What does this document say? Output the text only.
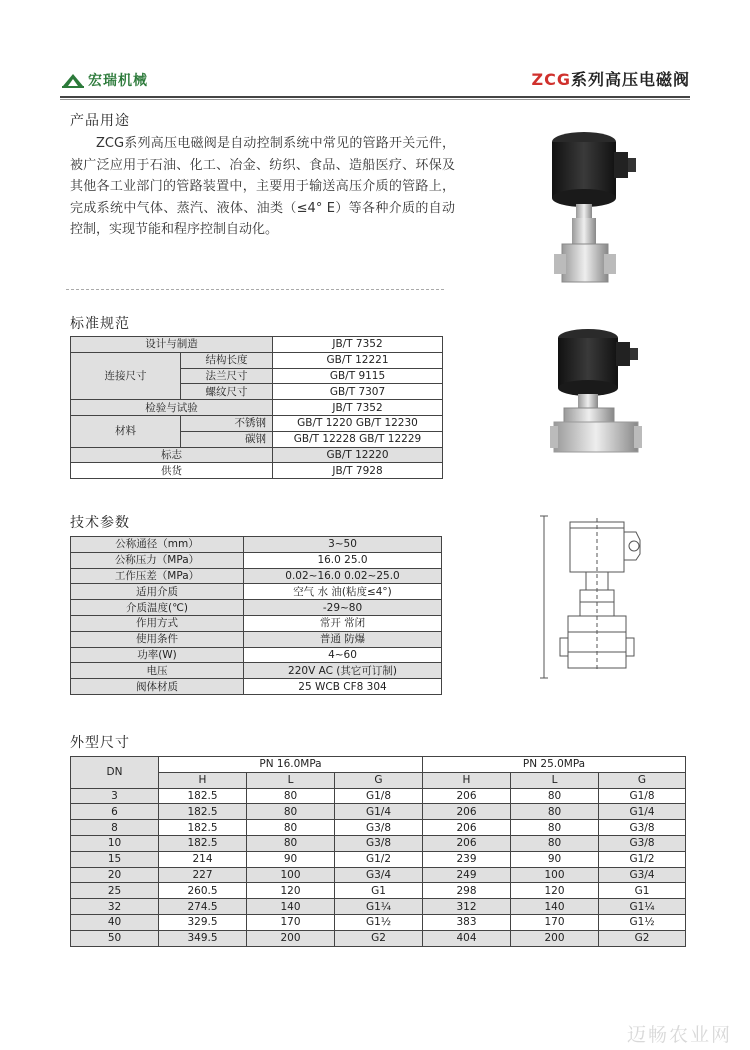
宏瑞机械	ZCG系列高压电磁阀
产品用途
ZCG系列高压电磁阀是自动控制系统中常见的管路开关元件，被广泛应用于石油、化工、冶金、纺织、食品、造船医疗、环保及其他各工业部门的管路装置中，主要用于输送高压介质的管路上，完成系统中气体、蒸汽、液体、油类（≤4° E）等各种介质的自动控制，实现节能和程序控制自动化。
标准规范
设计与制造		JB/T 7352
连接尺寸	结构长度	GB/T 12221
	法兰尺寸	GB/T 9115
	螺纹尺寸	GB/T 7307
检验与试验		JB/T 7352
材料	不锈钢	GB/T 1220 GB/T 12230
	碳钢	GB/T 12228 GB/T 12229
标志		GB/T 12220
供货		JB/T 7928
技术参数
公称通径（mm）	3~50
公称压力（MPa）	16.0 25.0
工作压差（MPa）	0.02~16.0 0.02~25.0
适用介质	空气 水 油(粘度≤4°)
介质温度(℃)	-29~80
作用方式	常开 常闭
使用条件	普通 防爆
功率(W)	4~60
电压	220V AC (其它可订制)
阀体材质	25 WCB CF8 304
外型尺寸
DN	PN 16.0MPa			PN 25.0MPa		
	H	L	G	H	L	G
3	182.5	80	G1/8	206	80	G1/8
6	182.5	80	G1/4	206	80	G1/4
8	182.5	80	G3/8	206	80	G3/8
10	182.5	80	G3/8	206	80	G3/8
15	214	90	G1/2	239	90	G1/2
20	227	100	G3/4	249	100	G3/4
25	260.5	120	G1	298	120	G1
32	274.5	140	G1¼	312	140	G1¼
40	329.5	170	G1½	383	170	G1½
50	349.5	200	G2	404	200	G2
迈畅农业网
